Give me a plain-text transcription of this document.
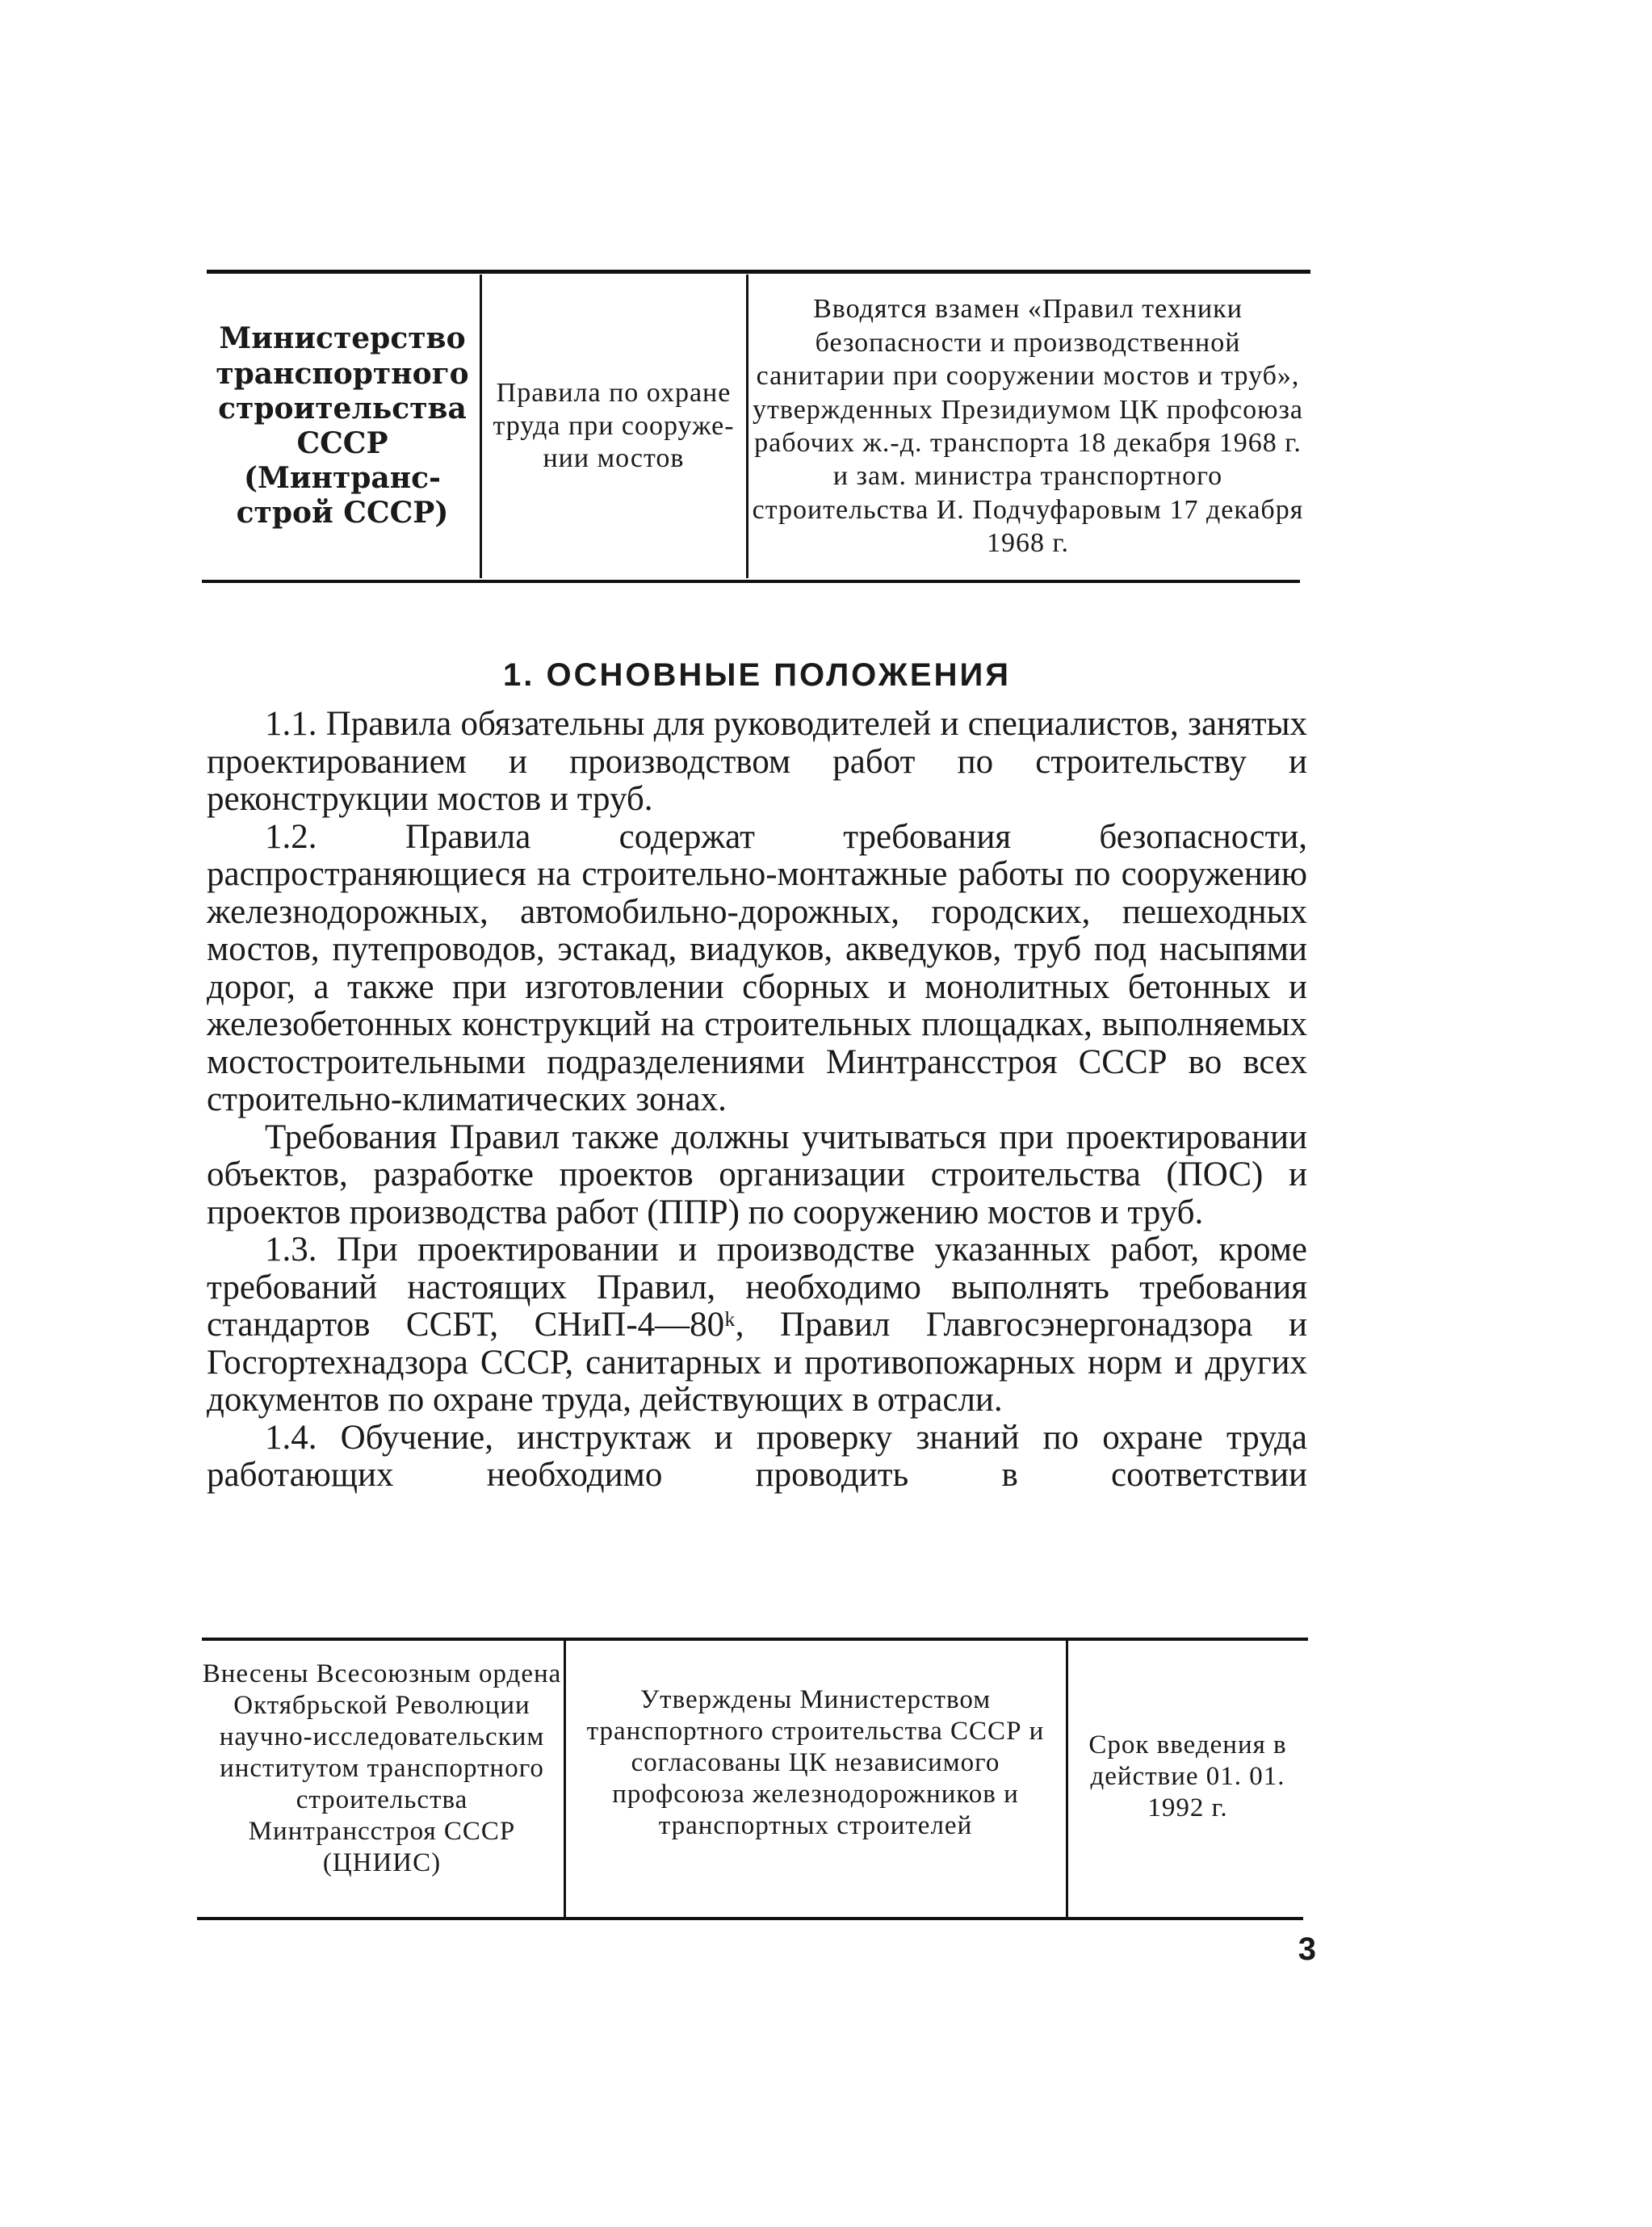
Министерство транспортного строительства СССР (Минтранс-строй СССР)
Правила по охране труда при сооруже-нии мостов
Вводятся взамен «Правил техники безопасности и производственной санитарии при сооружении мостов и труб», утвержденных Президиумом ЦК профсоюза рабочих ж.-д. транспорта 18 декабря 1968 г. и зам. министра транспортного строительства И. Подчуфаровым 17 декабря 1968 г.
1. ОСНОВНЫЕ ПОЛОЖЕНИЯ

1.1. Правила обязательны для руководителей и специалистов, занятых проектированием и производством работ по строительству и реконструкции мостов и труб.

1.2. Правила содержат требования безопасности, распространяющиеся на строительно-монтажные работы по сооружению железнодорожных, автомобильно-дорожных, городских, пешеходных мостов, путепроводов, эстакад, виадуков, акведуков, труб под насыпями дорог, а также при изготовлении сборных и монолитных бетонных и железобетонных конструкций на строительных площадках, выполняемых мостостроительными подразделениями Минтрансстроя СССР во всех строительно-климатических зонах.

Требования Правил также должны учитываться при проектировании объектов, разработке проектов организации строительства (ПОС) и проектов производства работ (ППР) по сооружению мостов и труб.

1.3. При проектировании и производстве указанных работ, кроме требований настоящих Правил, необходимо выполнять требования стандартов ССБТ, СНиП-4—80ᵏ, Правил Главгосэнергонадзора и Госгортехнадзора СССР, санитарных и противопожарных норм и других документов по охране труда, действующих в отрасли.

1.4. Обучение, инструктаж и проверку знаний по охране труда работающих необходимо проводить в соответствии

Внесены Всесоюзным ордена Октябрьской Революции научно-исследовательским институтом транспортного строительства Минтрансстроя СССР (ЦНИИС)
Утверждены Министерством транспортного строительства СССР и согласованы ЦК независимого профсоюза железнодорожников и транспортных строителей
Срок введения в действие 01. 01. 1992 г.
3
